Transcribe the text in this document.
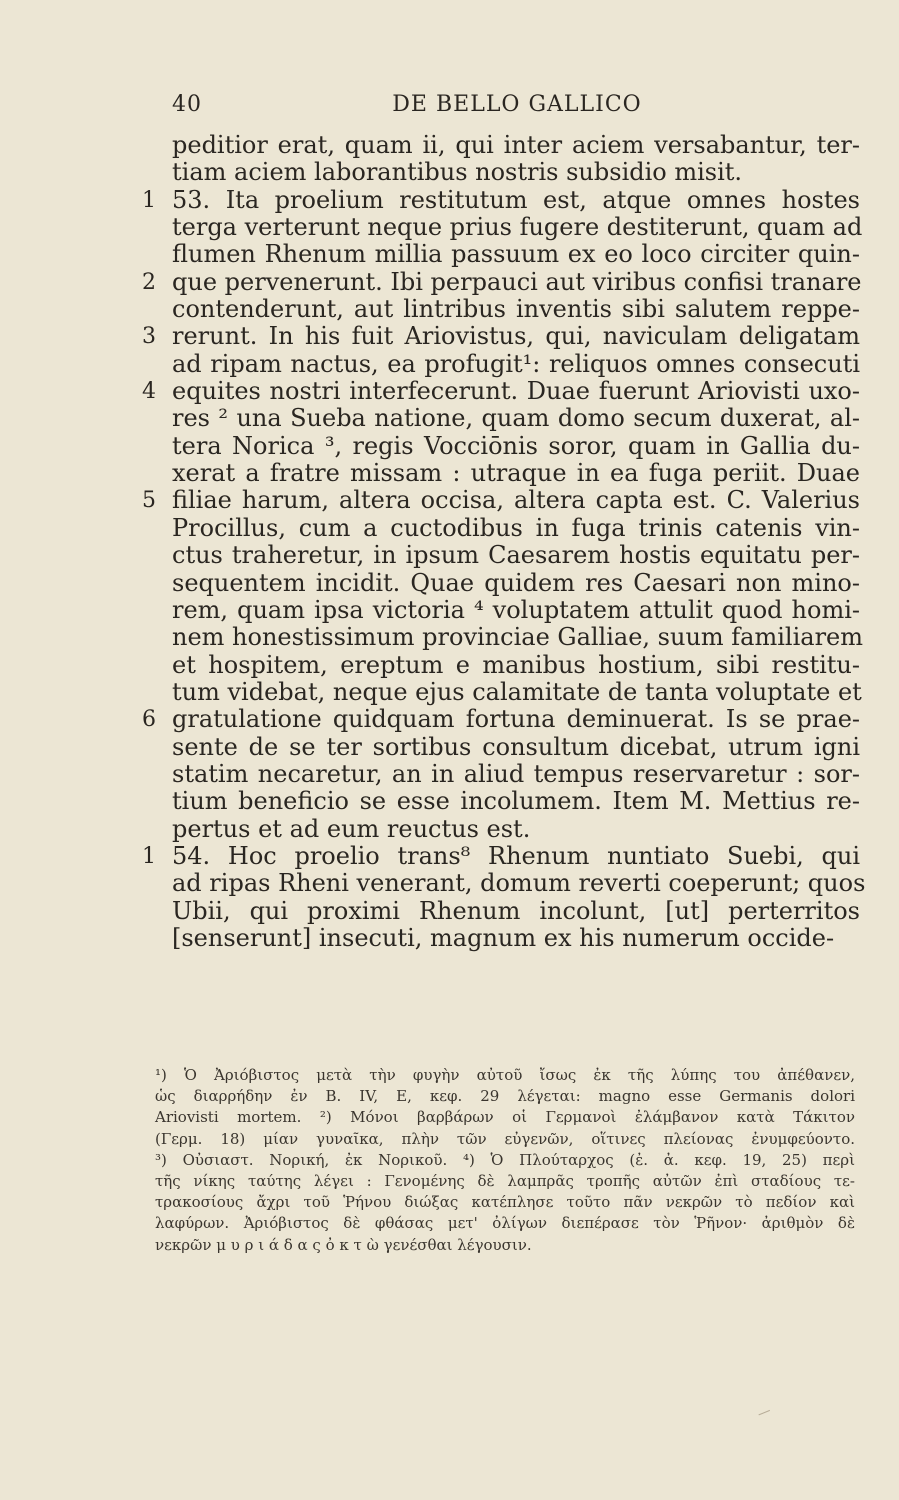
40	DE BELLO GALLICO
peditior erat, quam ii, qui inter aciem versabantur, ter-
tiam aciem laborantibus nostris subsidio misit.
1 53. Ita proelium restitutum est, atque omnes hostes
terga verterunt neque prius fugere destiterunt, quam ad
flumen Rhenum millia passuum ex eo loco circiter quin-
2 que pervenerunt. Ibi perpauci aut viribus confisi tranare
contenderunt, aut lintribus inventis sibi salutem reppe-
3 rerunt. In his fuit Ariovistus, qui, naviculam deligatam
ad ripam nactus, ea profugit¹: reliquos omnes consecuti
4 equites nostri interfecerunt. Duae fuerunt Ariovisti uxo-
res ² una Sueba natione, quam domo secum duxerat, al-
tera Norica ³, regis Vocciōnis soror, quam in Gallia du-
xerat a fratre missam : utraque in ea fuga periit. Duae
5 filiae harum, altera occisa, altera capta est. C. Valerius
Procillus, cum a cuctodibus in fuga trinis catenis vin-
ctus traheretur, in ipsum Caesarem hostis equitatu per-
sequentem incidit. Quae quidem res Caesari non mino-
rem, quam ipsa victoria ⁴ voluptatem attulit quod homi-
nem honestissimum provinciae Galliae, suum familiarem
et hospitem, ereptum e manibus hostium, sibi restitu-
tum videbat, neque ejus calamitate de tanta voluptate et
6 gratulatione quidquam fortuna deminuerat. Is se prae-
sente de se ter sortibus consultum dicebat, utrum igni
statim necaretur, an in aliud tempus reservaretur : sor-
tium beneficio se esse incolumem. Item M. Mettius re-
pertus et ad eum reuctus est.
1 54. Hoc proelio trans⁸ Rhenum nuntiato Suebi, qui
ad ripas Rheni venerant, domum reverti coeperunt; quos
Ubii, qui proximi Rhenum incolunt, [ut] perterritos
[senserunt] insecuti, magnum ex his numerum occide-
¹) Ὁ Ἀριόβιστος μετὰ τὴν φυγὴν αὐτοῦ ἴσως ἐκ τῆς λύπης του ἀπέθανεν,
ὡς διαρρήδην ἐν Β. IV, E, κεφ. 29 λέγεται: magno esse Germanis dolori
Ariovisti mortem. ²) Μόνοι βαρβάρων οἱ Γερμανοὶ ἐλάμβανον κατὰ Τάκιτον
(Γερμ. 18) μίαν γυναῖκα, πλὴν τῶν εὐγενῶν, οἵτινες πλείονας ἐνυμφεύοντο.
³) Οὐσιαστ. Νορική, ἐκ Νορικοῦ. ⁴) Ὁ Πλούταρχος (ἐ. ἀ. κεφ. 19, 25) περὶ
τῆς νίκης ταύτης λέγει : Γενομένης δὲ λαμπρᾶς τροπῆς αὐτῶν ἐπὶ σταδίους τε-
τρακοσίους ἄχρι τοῦ Ῥήνου διώξας κατέπλησε τοῦτο πᾶν νεκρῶν τὸ πεδίον καὶ
λαφύρων. Ἀριόβιστος δὲ φθάσας μετ' ὀλίγων διεπέρασε τὸν Ῥῆνον· ἀριθμὸν δὲ
νεκρῶν μ υ ρ ι ά δ α ς ὀ κ τ ὼ γενέσθαι λέγουσιν.
